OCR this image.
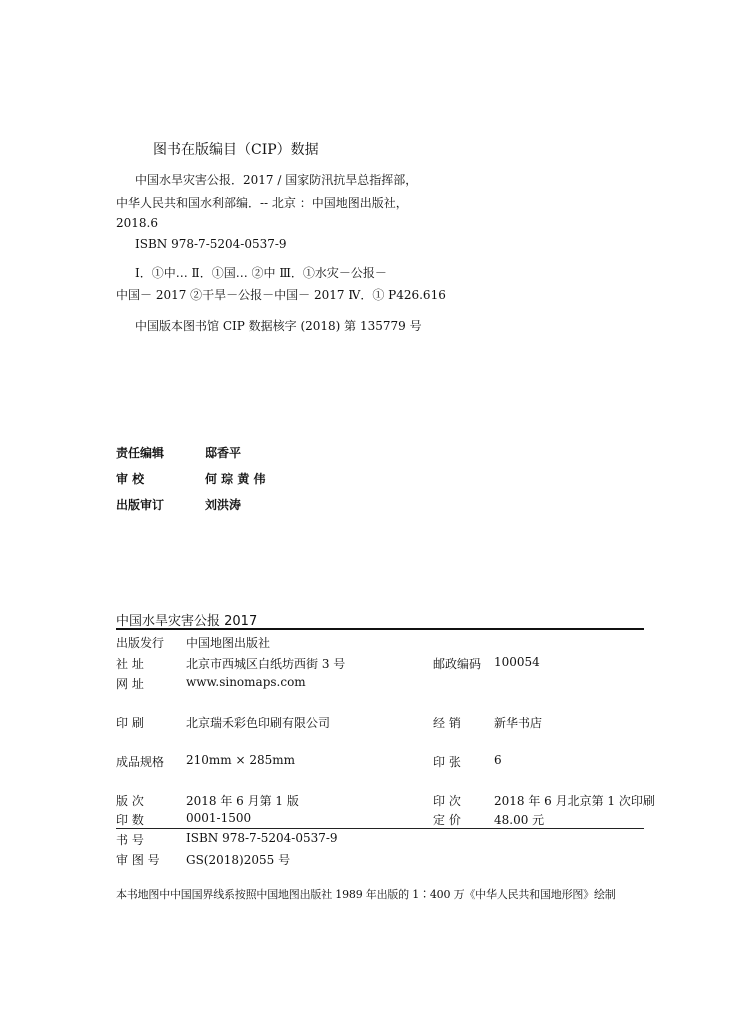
图书在版编目（CIP）数据
中国水旱灾害公报．2017 ∕ 国家防汛抗旱总指挥部，
中华人民共和国水利部编．-- 北京 ：中国地图出版社，
2018.6
ISBN 978-7-5204-0537-9
Ⅰ．①中… Ⅱ．①国… ②中 Ⅲ．①水灾－公报－
中国－ 2017 ②干旱－公报－中国－ 2017 Ⅳ．① P426.616
中国版本图书馆 CIP 数据核字 (2018) 第 135779 号
责任编辑	邸香平
审 校	何 琮 黄 伟
出版审订	刘洪涛
中国水旱灾害公报 2017
出版发行 中国地图出版社
社 址	北京市西城区白纸坊西街 3 号	邮政编码 100054
网 址	www.sinomaps.com
印 刷	北京瑞禾彩色印刷有限公司	经 销	新华书店
成品规格 210mm × 285mm	印 张	6
版 次	2018 年 6 月第 1 版	印 次	2018 年 6 月北京第 1 次印刷
印 数	0001-1500	定 价	48.00 元
书 号	ISBN 978-7-5204-0537-9
审 图 号 GS(2018)2055 号
本书地图中中国国界线系按照中国地图出版社 1989 年出版的 1∶400 万《中华人民共和国地形图》绘制
